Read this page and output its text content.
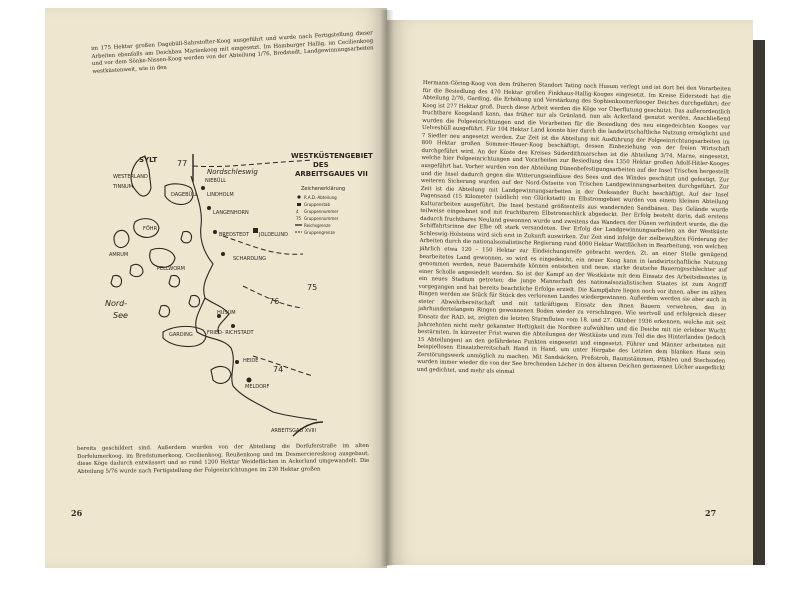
im 175 Hektar großen Dagebüll-Sahrstofter-Koog ausgeführt und wurde nach Fertigstellung dieser Arbeiten ebenfalls am Deichbau Marienkoog mit eingesetzt. Im Hamburger Hallig, im Cecilienkoog und vor dem Sönke-Nissen-Koog werden von der Abteilung 1/76, Bredstedt, Landgewinnungsarbeiten westküstenweit, wie in den

WESTKÜSTENGEBIET
DES
ARBEITSGAUES VII
Zeichenerklärung
R.A.D.-Abteilung
Gruppenstab
4 Gruppennummer
75 Gruppennummer
Reichsgrenze
Gruppengrenze
SYLT
Nordschleswig
WESTERLAND
TINNUM
NIEBÜLL
77
LINDHOLM
DAGEBÜLL
LANGENHORN
FÖHR
AMRUM
BREDSTEDT JOLDELUND
SCHARDLING
PELLWORM
75
76
HUSUM
Nord-
See
GARDING	FRIED- RICHSTADT
HEIDE
74
MELDORF
ARBEITSGAU XVIII

bereits geschildert sind. Außerdem wurden von der Abteilung die Dorfuferstraße im alten Dorfelumerkoog, im Bredstumerkoog, Cecilienkoog, Reußenkoog und im Desmerciereskoog ausgebaut, diese Köge dadurch entwässert und so rund 1200 Hektar Weideflächen in Ackerland umgewandelt. Die Abteilung 5/76 wurde nach Fertigstellung der Folgeeinrichtungen im 230 Hektar großen

26

Hermann-Göring-Koog von dem früheren Standort Tating nach Husum verlegt und ist dort bei den Vorarbeiten für die Besiedlung des 470 Hektar großen Finkhaus-Hallig-Kooges eingesetzt. Im Kreise Eiderstedt hat die Abteilung 2/76, Garding, die Erhöhung und Verstärkung des Sophienkoomerkooger Deiches durchgeführt; der Koog ist 277 Hektar groß. Durch diese Arbeit werden die Köge vor Überflutung geschützt. Das außerordentlich fruchtbare Koogsland kann, das früher nur als Grünland, nun als Ackerland genutzt werden. Anschließend wurden die Folgeeinrichtungen und die Vorarbeiten für die Besiedlung des neu eingedeichten Kooges vor Uelvesbüll ausgeführt. Für 104 Hektar Land konnte hier durch die landwirtschaftliche Nutzung ermöglicht und 7 Siedler neu angesetzt werden. Zur Zeit ist die Abteilung mit Ausführung der Folgeeinrichtungsarbeiten im 800 Hektar großen Sommer-Heuer-Koog beschäftigt, dessen Einbeziehung von der freien Wirtschaft durchgeführt wird. An der Küste des Kreises Süderdithmarschen ist die Abteilung 3/74, Marne, eingesetzt, welche hier Folgeeinrichtungen und Vorarbeiten zur Besiedlung des 1350 Hektar großen Adolf-Hitler-Kooges ausgeführt hat. Vorher wurden von der Abteilung Dünenbefestigungsarbeiten auf der Insel Trischen hergestellt und die Insel dadurch gegen die Witterungseinflüsse des Sees und des Windes geschützt und gefestigt. Zur weiteren Sicherung wurden auf der Nord-Ostseite von Trischen Landgewinnungsarbeiten durchgeführt. Zur Zeit ist die Abteilung mit Landgewinnungsarbeiten in der Dieksander Bucht beschäftigt. Auf der Insel Pagensand (15 Kilometer (südlich) von Glückstadt) im Elbstromgebiet wurden von einem kleinen Abteilung Kulturarbeiten ausgeführt. Die Insel bestand größtenteils aus wandernden Sandbänen. Das Gelände wurde teilweise eingeebnet und mit fruchtbarem Elbstromschlick abgedeckt. Der Erfolg besteht darin, daß erstens dadurch fruchtbares Neuland gewonnen wurde und zweitens das Wandern der Dünen verhindert wurde, die die Schiffahrtsrinne der Elbe oft stark versandeten. Der Erfolg der Landgewinnungsarbeiten an der Westküste Schleswig-Holsteins wird sich erst in Zukunft auswirken. Zur Zeit sind infolge der zielbewußten Förderung der Arbeiten durch die nationalsozialistische Regierung rund 4000 Hektar Wattflächen in Bearbeitung, von welchen jährlich etwa 120 – 150 Hektar zur Eindeichungsreife gebracht werden. Zt. an einer Stelle genügend bearbeitetes Land gewonnen, so wird es eingedeicht, ein neuer Koog kann in landwirtschaftliche Nutzung genommen werden, neue Bauernhöfe können entstehen und neue, starke deutsche Bauerngeschlechter auf einer Scholle angesiedelt werden. So ist der Kampf an der Westküste mit dem Einsatz des Arbeitsdienstes in ein neues Stadium getreten; die junge Mannschaft des nationalsozialistischen Staates ist zum Angriff vorgegangen und hat bereits beachtliche Erfolge erzielt. Die Kampfjahre liegen noch vor ihnen, aber im zähen Ringen werden sie Stück für Stück des verlorenen Landes wiedergewinnen. Außerdem werden sie aber auch in steter Abwehrbereitschaft und mit tatkräftigem Einsatz den ihnen Bauern verwehren, den in jahrhundertelangem Ringen gewonnenen Boden wieder zu verschlingen. Wie wertvoll und erfolgreich dieser Einsatz der RAD. ist, zeigten die letzten Sturmfluten vom 18. und 27. Oktober 1936 erkennen, welche mit seit Jahrzehnten nicht mehr gekannter Heftigkeit die Nordsee aufwühlten und die Deiche mit nie erlebter Wucht bestürmten. In kürzester Frist waren die Abteilungen der Westküste und zum Teil die des Hinterlandes (jedoch 15 Abteilungen) an den gefährdeten Punkten eingesetzt und eingesetzt. Führer und Männer arbeiteten mit beispiellosen Einsatzbereitschaft Hand in Hand, um unter Hergabe des Letzten dem blanken Hans sein Zerstörungswerk unmöglich zu machen. Mit Sandsäcken, Preßstroh, Baumstämmen, Pfählen und Stechsoden wurden immer wieder die von der See brechenden Löcher in den älteren Deichen gerissenen Löcher ausgeflickt und gedichtet, und mehr als einmal

27
